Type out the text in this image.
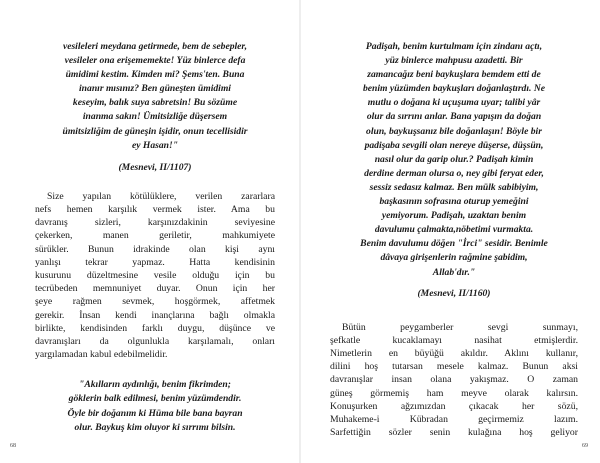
vesileleri meydana getirmede, bem de sebepler,
vesileler ona erişememekte! Yüz binlerce defa
ümidimi kestim. Kimden mi? Şems'ten. Buna
inanır mısınız? Ben güneşten ümidimi
keseyim, balık suya sabretsin! Bu sözüme
inanma sakın! Ümitsizliğe düşersem
ümitsizliğim de güneşin işidir, onun tecellisidir
ey Hasan!"

(Mesnevi, II/1107)

Size yapılan kötülüklere, verilen zararlara
nefs hemen karşılık vermek ister. Ama bu
davranış sizleri, karşınızdakinin seviyesine
çekerken, manen geriletir, mahkumiyete
sürükler. Bunun idrakinde olan kişi aynı
yanlışı tekrar yapmaz. Hatta kendisinin
kusurunu düzeltmesine vesile olduğu için bu
tecrübeden memnuniyet duyar. Onun için her
şeye rağmen sevmek, hoşgörmek, affetmek
gerekir. İnsan kendi inançlarına bağlı olmakla
birlikte, kendisinden farklı duygu, düşünce ve
davranışları da olgunlukla karşılamalı, onları
yargılamadan kabul edebilmelidir.

"Akılların aydınlığı, benim fikrimden;
göklerin balk edilmesi, benim yüzümdendir.
Öyle bir doğanım ki Hüma bile bana bayran
olur. Baykuş kim oluyor ki sırrımı bilsin.

68

Padişah, benim kurtulmam için zindanı açtı,
yüz binlerce mahpusu azadetti. Bir
zamancağız beni baykuşlara bemdem etti de
benim yüzümden baykuşları doğanlaştırdı. Ne
mutlu o doğana ki uçuşuma uyar; talibi yâr
olur da sırrını anlar. Bana yapışın da doğan
olun, baykuşsanız bile doğanlaşın! Böyle bir
padişaba sevgili olan nereye düşerse, düşsün,
nasıl olur da garip olur.? Padişah kimin
derdine derman olursa o, ney gibi feryat eder,
sessiz sedasız kalmaz. Ben mülk sabibiyim,
başkasının sofrasına oturup yemeğini
yemiyorum. Padişah, uzaktan benim
davulumu çalmakta,nöbetimi vurmakta.
Benim davulumu döğen "İrci" sesidir. Benimle
dâvaya girişenlerin rağmine şabidim,
Allab'dır."

(Mesnevi, II/1160)

Bütün peygamberler sevgi sunmayı,
şefkatle kucaklamayı nasihat etmişlerdir.
Nimetlerin en büyüğü akıldır. Aklını kullanır,
dilini hoş tutarsan mesele kalmaz. Bunun aksi
davranışlar insan olana yakışmaz. O zaman
güneş görmemiş ham meyve olarak kalırsın.
Konuşurken ağzımızdan çıkacak her sözü,
Muhakeme-i Kübradan geçirmemiz lazım.
Sarfettiğin sözler senin kulağına hoş geliyor

69
